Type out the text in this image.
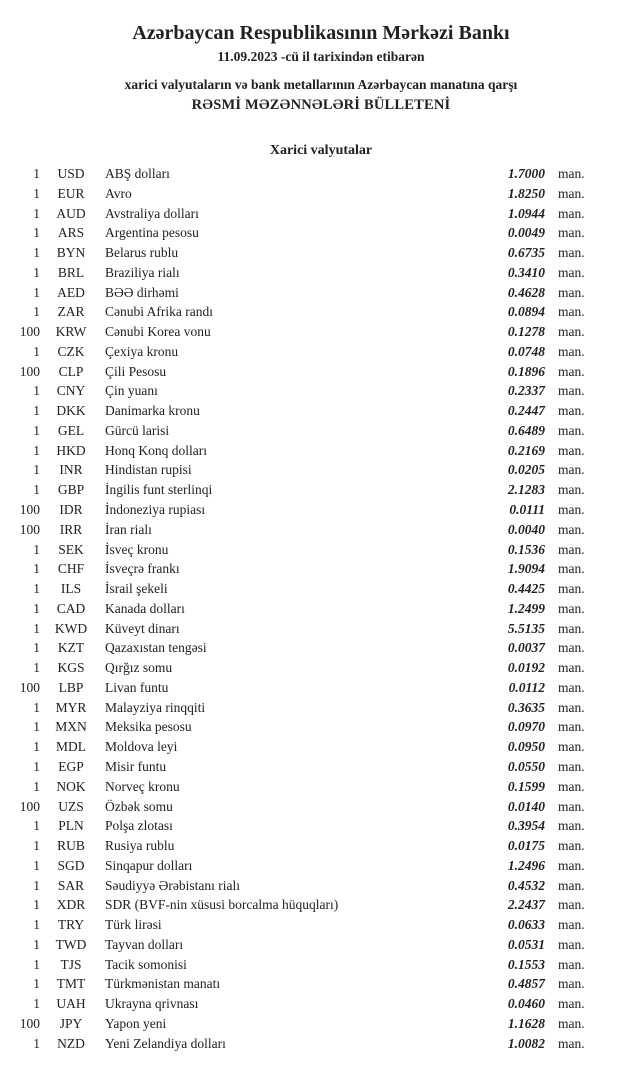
Azərbaycan Respublikasının Mərkəzi Bankı
11.09.2023 -cü il tarixindən etibarən
xarici valyutaların və bank metallarının Azərbaycan manatına qarşı
RƏSMİ MƏZƏNNƏLƏRİ BÜLLETENİ
Xarici valyutalar
1	USD	ABŞ dolları	1.7000 man.
1	EUR	Avro	1.8250 man.
1	AUD	Avstraliya dolları	1.0944 man.
1	ARS	Argentina pesosu	0.0049 man.
1	BYN	Belarus rublu	0.6735 man.
1	BRL	Braziliya rialı	0.3410 man.
1	AED	BƏƏ dirhəmi	0.4628 man.
1	ZAR	Cənubi Afrika randı	0.0894 man.
100	KRW	Cənubi Korea vonu	0.1278 man.
1	CZK	Çexiya kronu	0.0748 man.
100	CLP	Çili Pesosu	0.1896 man.
1	CNY	Çin yuanı	0.2337 man.
1	DKK	Danimarka kronu	0.2447 man.
1	GEL	Gürcü larisi	0.6489 man.
1	HKD	Honq Konq dolları	0.2169 man.
1	INR	Hindistan rupisi	0.0205 man.
1	GBP	İngilis funt sterlinqi	2.1283 man.
100	IDR	İndoneziya rupiası	0.0111 man.
100	IRR	İran rialı	0.0040 man.
1	SEK	İsveç kronu	0.1536 man.
1	CHF	İsveçrə frankı	1.9094 man.
1	ILS	İsrail şekeli	0.4425 man.
1	CAD	Kanada dolları	1.2499 man.
1	KWD	Küveyt dinarı	5.5135 man.
1	KZT	Qazaxıstan tengəsi	0.0037 man.
1	KGS	Qırğız somu	0.0192 man.
100	LBP	Livan funtu	0.0112 man.
1	MYR	Malayziya rinqqiti	0.3635 man.
1	MXN	Meksika pesosu	0.0970 man.
1	MDL	Moldova leyi	0.0950 man.
1	EGP	Misir funtu	0.0550 man.
1	NOK	Norveç kronu	0.1599 man.
100	UZS	Özbək somu	0.0140 man.
1	PLN	Polşa zlotası	0.3954 man.
1	RUB	Rusiya rublu	0.0175 man.
1	SGD	Sinqapur dolları	1.2496 man.
1	SAR	Səudiyyə Ərəbistanı rialı	0.4532 man.
1	XDR	SDR (BVF-nin xüsusi borcalma hüquqları)	2.2437 man.
1	TRY	Türk lirəsi	0.0633 man.
1	TWD	Tayvan dolları	0.0531 man.
1	TJS	Tacik somonisi	0.1553 man.
1	TMT	Türkmənistan manatı	0.4857 man.
1	UAH	Ukrayna qrivnası	0.0460 man.
100	JPY	Yapon yeni	1.1628 man.
1	NZD	Yeni Zelandiya dolları	1.0082 man.
